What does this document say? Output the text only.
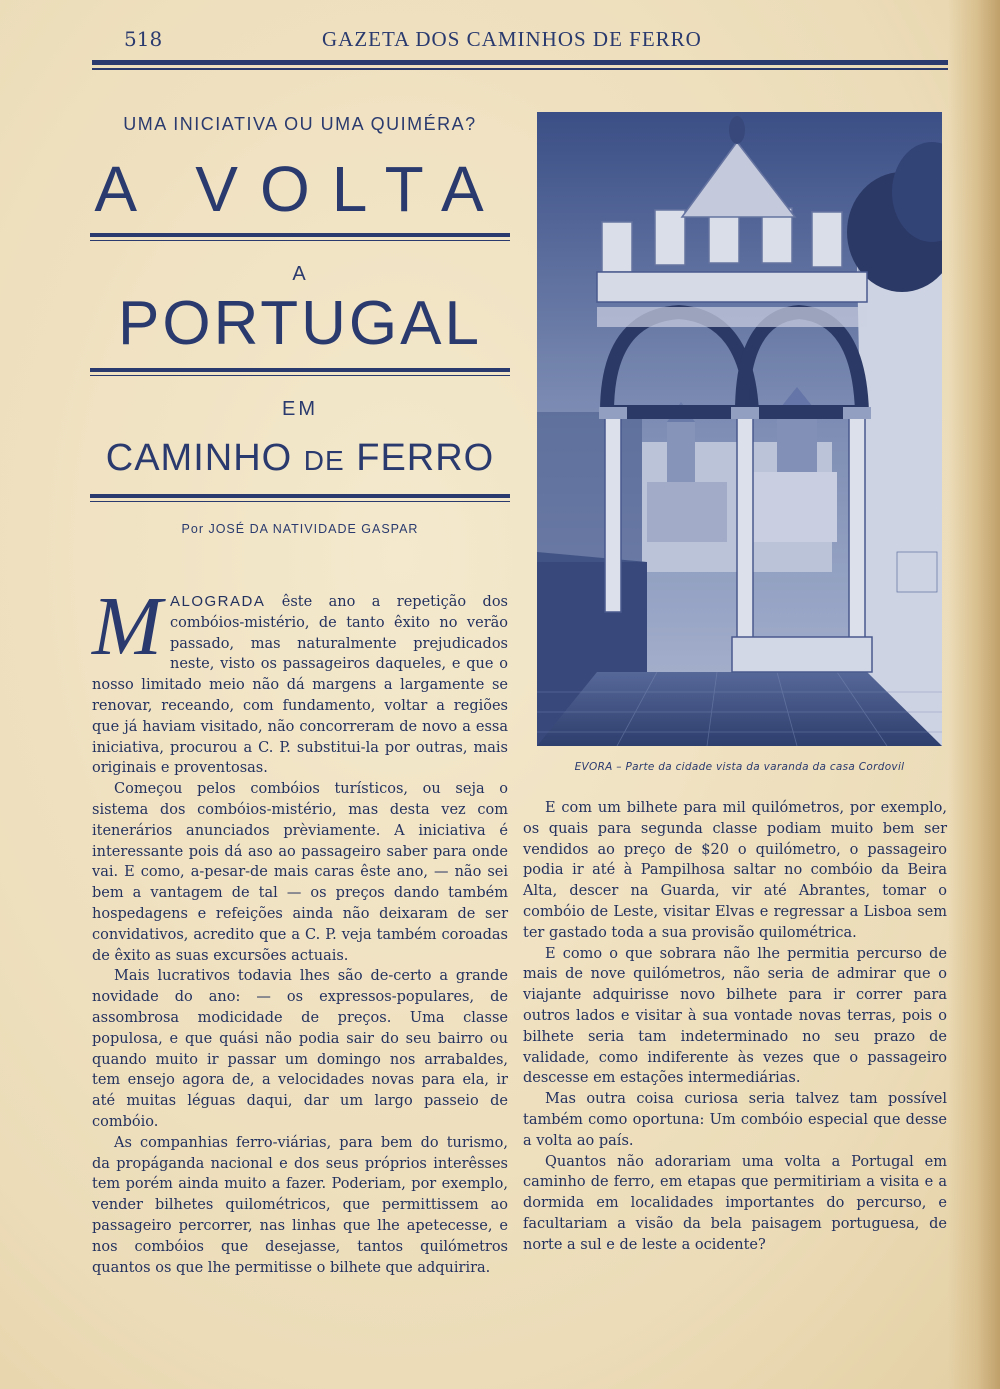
518	GAZETA DOS CAMINHOS DE FERRO
UMA INICIATIVA OU UMA QUIMÉRA?
A VOLTA
A
PORTUGAL
EM
CAMINHO DE FERRO
Por JOSÉ DA NATIVIDADE GASPAR

MALOGRADA êste ano a repetição dos combóios-mistério, de tanto êxito no verão passado, mas naturalmente prejudicados neste, visto os passageiros daqueles, e que o nosso limitado meio não dá margens a largamente se renovar, receando, com fundamento, voltar a regiões que já haviam visitado, não concorreram de novo a essa iniciativa, procurou a C. P. substitui-la por outras, mais originais e proventosas.

Começou pelos combóios turísticos, ou seja o sistema dos combóios-mistério, mas desta vez com itenerários anunciados prèviamente. A iniciativa é interessante pois dá aso ao passageiro saber para onde vai. E como, a-pesar-de mais caras êste ano, — não sei bem a vantagem de tal — os preços dando também hospedagens e refeições ainda não deixaram de ser convidativos, acredito que a C. P. veja também coroadas de êxito as suas excursões actuais.

Mais lucrativos todavia lhes são de-certo a grande novidade do ano: — os expressos-populares, de assombrosa modicidade de preços. Uma classe populosa, e que quási não podia sair do seu bairro ou quando muito ir passar um domingo nos arrabaldes, tem ensejo agora de, a velocidades novas para ela, ir até muitas léguas daqui, dar um largo passeio de combóio.

As companhias ferro-viárias, para bem do turismo, da propáganda nacional e dos seus próprios interêsses tem porém ainda muito a fazer. Poderiam, por exemplo, vender bilhetes quilométricos, que permittissem ao passageiro percorrer, nas linhas que lhe apetecesse, e nos combóios que desejasse, tantos quilómetros quantos os que lhe permitisse o bilhete que adquirira.

EVORA – Parte da cidade vista da varanda da casa Cordovil

E com um bilhete para mil quilómetros, por exemplo, os quais para segunda classe podiam muito bem ser vendidos ao preço de $20 o quilómetro, o passageiro podia ir até à Pampilhosa saltar no combóio da Beira Alta, descer na Guarda, vir até Abrantes, tomar o combóio de Leste, visitar Elvas e regressar a Lisboa sem ter gastado toda a sua provisão quilométrica.

E como o que sobrara não lhe permitia percurso de mais de nove quilómetros, não seria de admirar que o viajante adquirisse novo bilhete para ir correr para outros lados e visitar à sua vontade novas terras, pois o bilhete seria tam indeterminado no seu prazo de validade, como indiferente às vezes que o passageiro descesse em estações intermediárias.

Mas outra coisa curiosa seria talvez tam possível também como oportuna: Um combóio especial que desse a volta ao país.

Quantos não adorariam uma volta a Portugal em caminho de ferro, em etapas que permitiriam a visita e a dormida em localidades importantes do percurso, e facultariam a visão da bela paisagem portuguesa, de norte a sul e de leste a ocidente?
